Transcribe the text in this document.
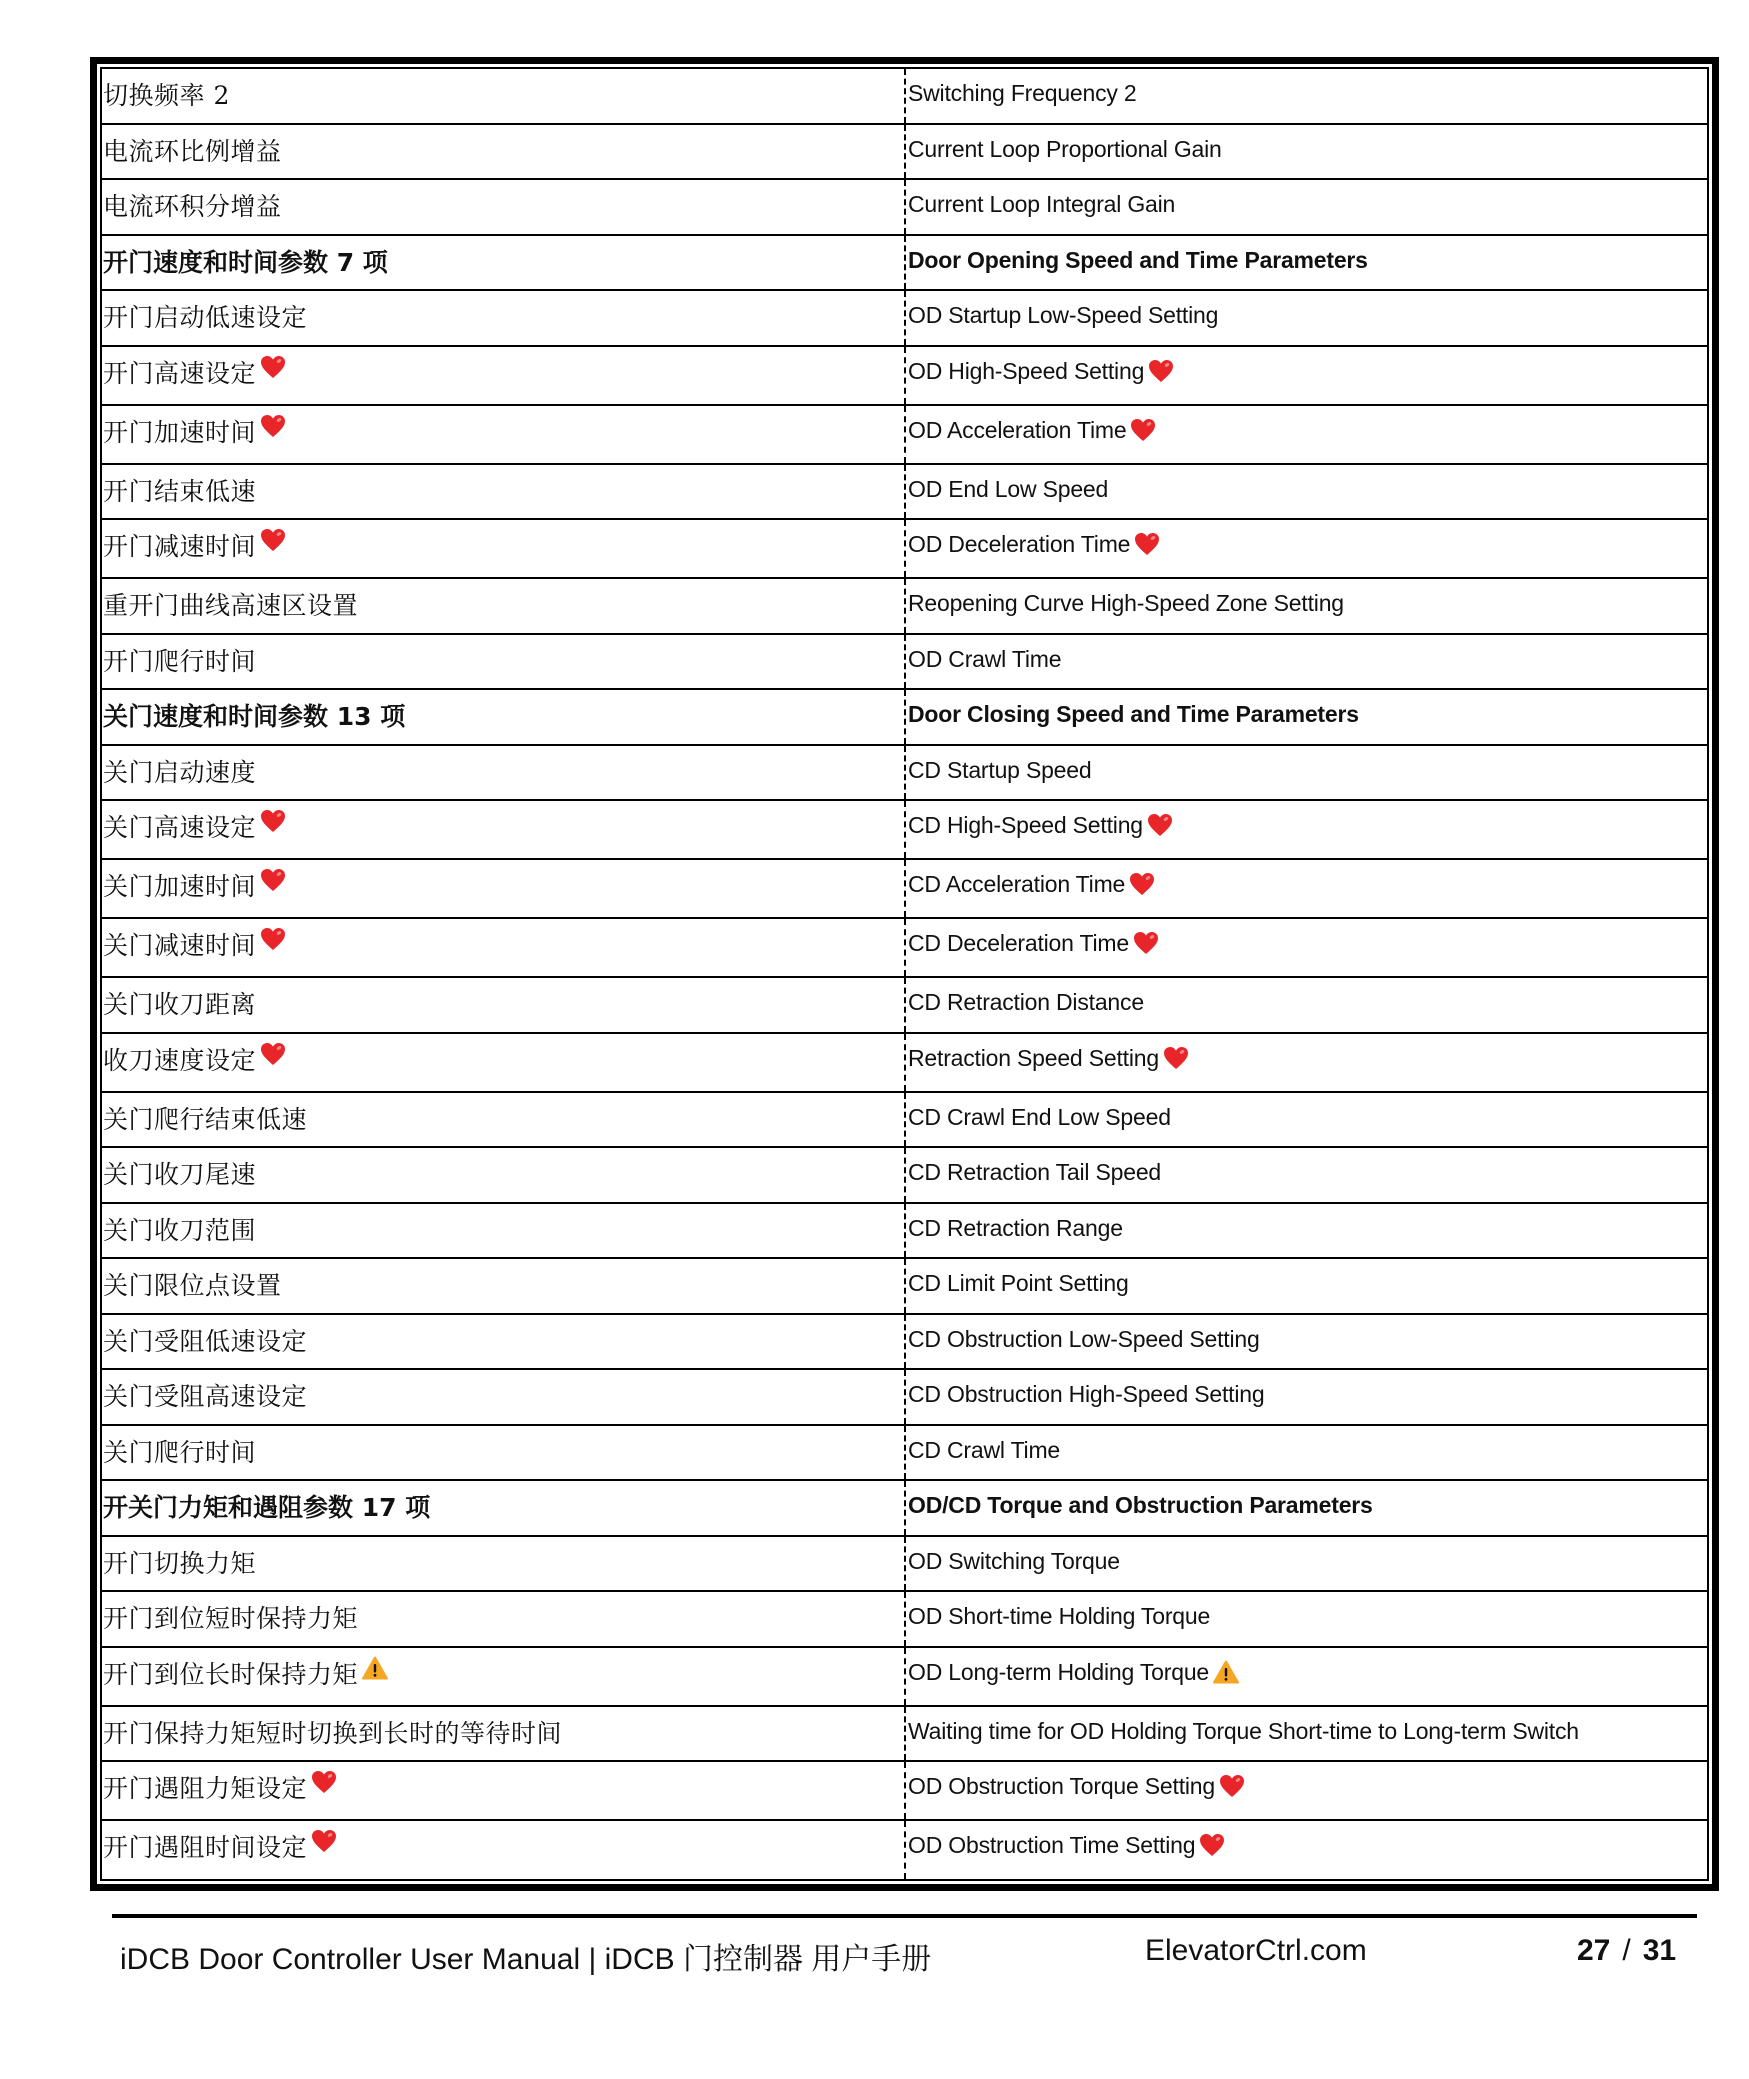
切换频率 2	Switching Frequency 2
电流环比例增益	Current Loop Proportional Gain
电流环积分增益	Current Loop Integral Gain
开门速度和时间参数 7 项	Door Opening Speed and Time Parameters
开门启动低速设定	OD Startup Low-Speed Setting
开门高速设定	OD High-Speed Setting
开门加速时间	OD Acceleration Time
开门结束低速	OD End Low Speed
开门减速时间	OD Deceleration Time
重开门曲线高速区设置	Reopening Curve High-Speed Zone Setting
开门爬行时间	OD Crawl Time
关门速度和时间参数 13 项	Door Closing Speed and Time Parameters
关门启动速度	CD Startup Speed
关门高速设定	CD High-Speed Setting
关门加速时间	CD Acceleration Time
关门减速时间	CD Deceleration Time
关门收刀距离	CD Retraction Distance
收刀速度设定	Retraction Speed Setting
关门爬行结束低速	CD Crawl End Low Speed
关门收刀尾速	CD Retraction Tail Speed
关门收刀范围	CD Retraction Range
关门限位点设置	CD Limit Point Setting
关门受阻低速设定	CD Obstruction Low-Speed Setting
关门受阻高速设定	CD Obstruction High-Speed Setting
关门爬行时间	CD Crawl Time
开关门力矩和遇阻参数 17 项	OD/CD Torque and Obstruction Parameters
开门切换力矩	OD Switching Torque
开门到位短时保持力矩	OD Short-time Holding Torque
开门到位长时保持力矩	OD Long-term Holding Torque
开门保持力矩短时切换到长时的等待时间	Waiting time for OD Holding Torque Short-time to Long-term Switch
开门遇阻力矩设定	OD Obstruction Torque Setting
开门遇阻时间设定	OD Obstruction Time Setting
iDCB Door Controller User Manual | iDCB 门控制器 用户手册	ElevatorCtrl.com	27 / 31
